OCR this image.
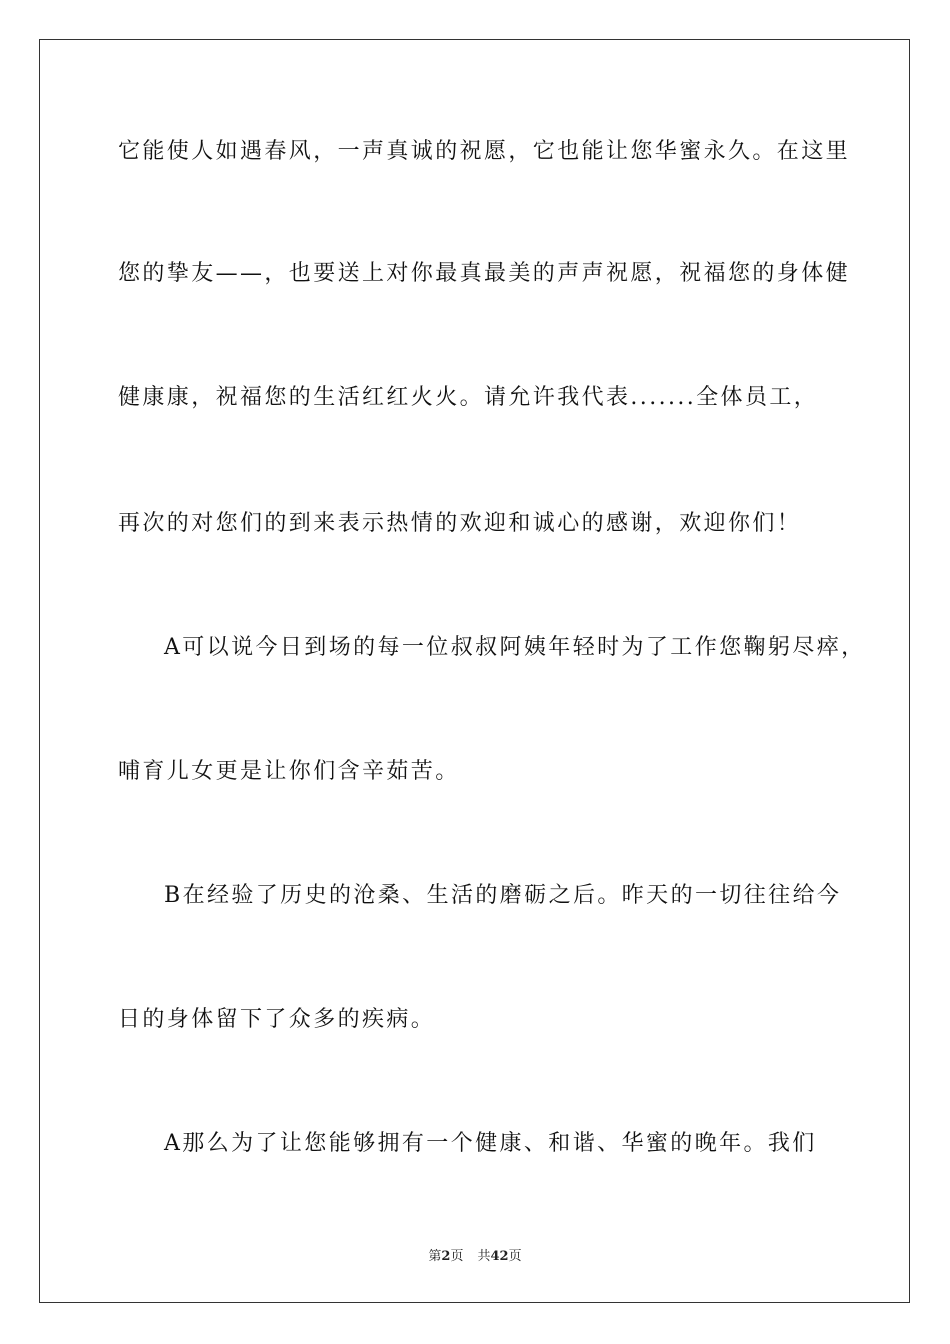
它能使人如遇春风，一声真诚的祝愿，它也能让您华蜜永久。在这里
您的挚友——，也要送上对你最真最美的声声祝愿，祝福您的身体健
健康康，祝福您的生活红红火火。请允许我代表.......全体员工，
再次的对您们的到来表示热情的欢迎和诚心的感谢，欢迎你们！
A可以说今日到场的每一位叔叔阿姨年轻时为了工作您鞠躬尽瘁，
哺育儿女更是让你们含辛茹苦。
B在经验了历史的沧桑、生活的磨砺之后。昨天的一切往往给今
日的身体留下了众多的疾病。
A那么为了让您能够拥有一个健康、和谐、华蜜的晚年。我们
第2页 共42页
